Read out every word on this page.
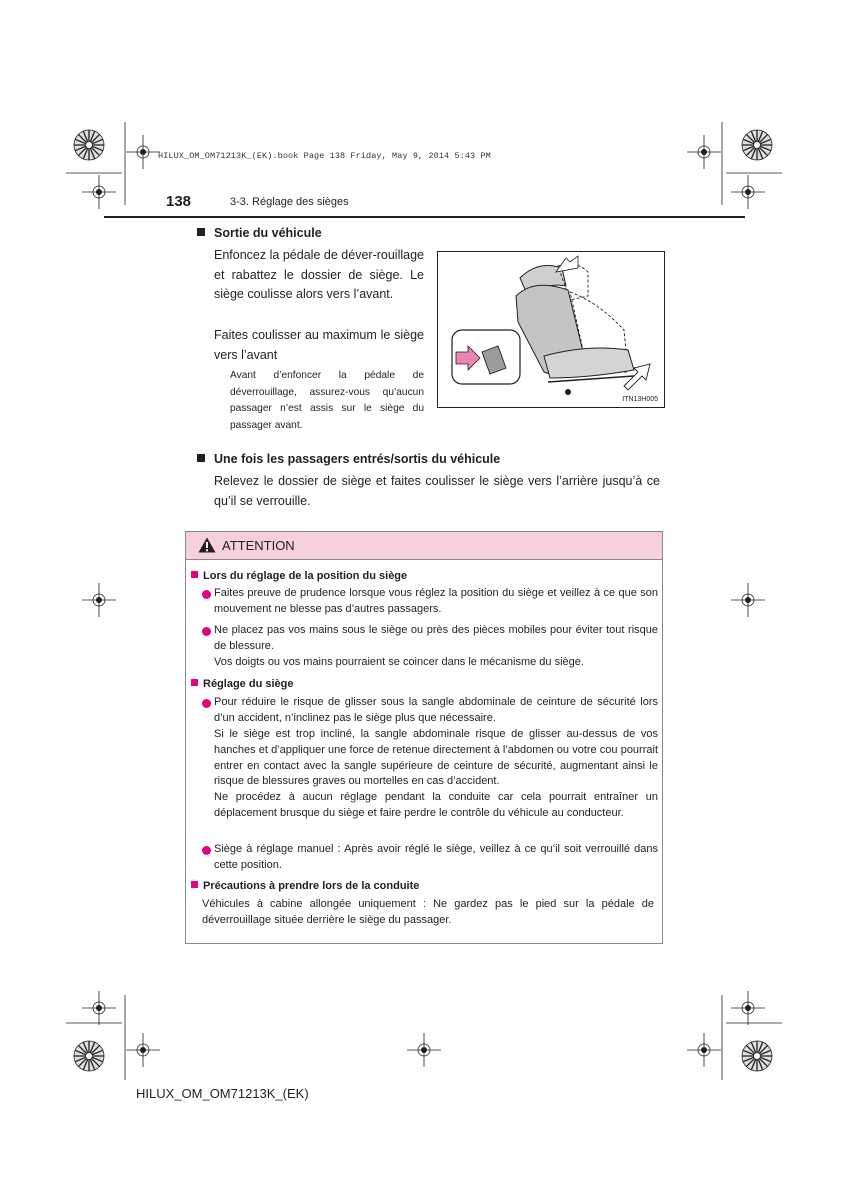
HILUX_OM_OM71213K_(EK).book Page 138 Friday, May 9, 2014 5:43 PM
138	3-3. Réglage des sièges
Sortie du véhicule
Enfoncez la pédale de déver-rouillage et rabattez le dossier de siège. Le siège coulisse alors vers l’avant.
Faites coulisser au maximum le siège vers l’avant
Avant d’enfoncer la pédale de déverrouillage, assurez-vous qu’aucun passager n’est assis sur le siège du passager avant.
ITN13H005
Une fois les passagers entrés/sortis du véhicule
Relevez le dossier de siège et faites coulisser le siège vers l’arrière jusqu’à ce qu’il se verrouille.
ATTENTION
Lors du réglage de la position du siège
Faites preuve de prudence lorsque vous réglez la position du siège et veillez à ce que son mouvement ne blesse pas d’autres passagers.
Ne placez pas vos mains sous le siège ou près des pièces mobiles pour éviter tout risque de blessure.
Vos doigts ou vos mains pourraient se coincer dans le mécanisme du siège.
Réglage du siège
Pour réduire le risque de glisser sous la sangle abdominale de ceinture de sécurité lors d’un accident, n’inclinez pas le siège plus que nécessaire.
Si le siège est trop incliné, la sangle abdominale risque de glisser au-dessus de vos hanches et d’appliquer une force de retenue directement à l’abdomen ou votre cou pourrait entrer en contact avec la sangle supérieure de ceinture de sécurité, augmentant ainsi le risque de blessures graves ou mortelles en cas d’accident.
Ne procédez à aucun réglage pendant la conduite car cela pourrait entraîner un déplacement brusque du siège et faire perdre le contrôle du véhicule au conducteur.
Siège à réglage manuel : Après avoir réglé le siège, veillez à ce qu’il soit verrouillé dans cette position.
Précautions à prendre lors de la conduite
Véhicules à cabine allongée uniquement : Ne gardez pas le pied sur la pédale de déverrouillage située derrière le siège du passager.
HILUX_OM_OM71213K_(EK)
